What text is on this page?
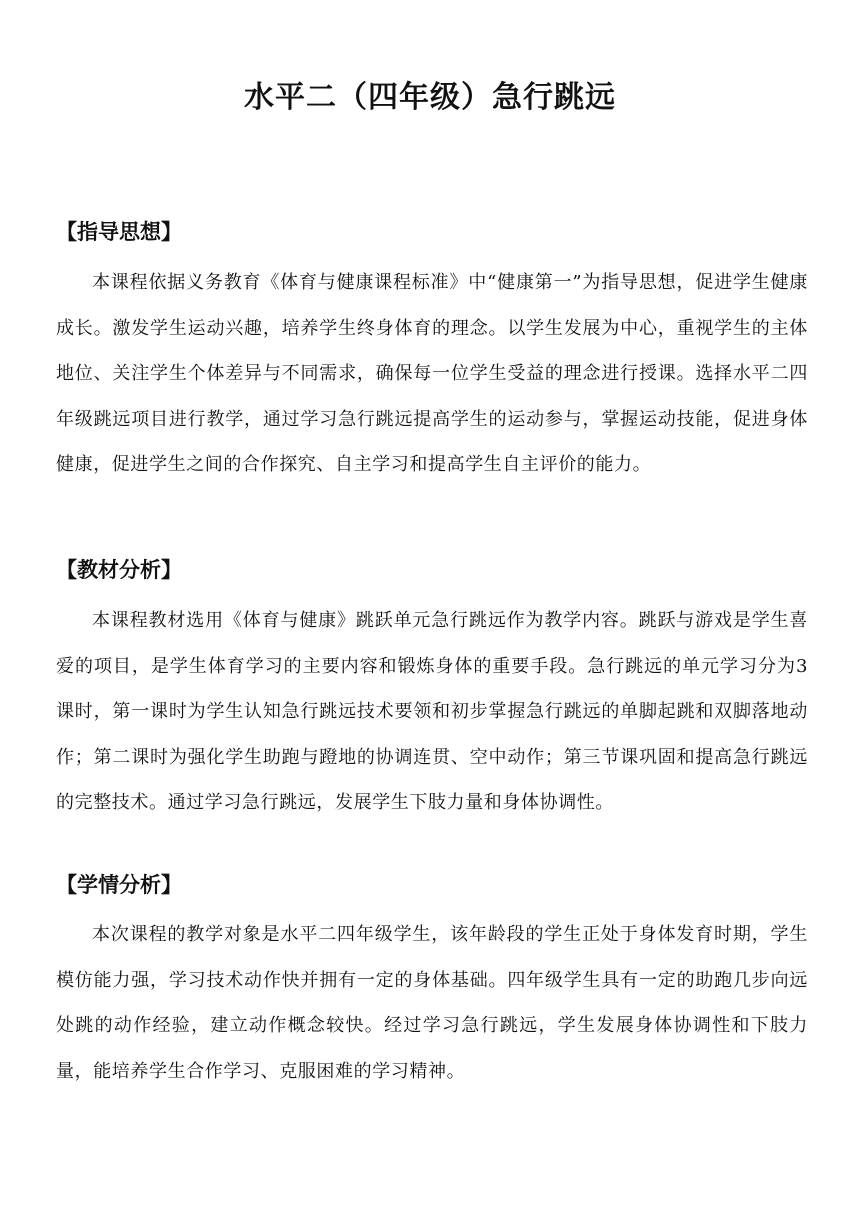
水平二（四年级）急行跳远
【指导思想】

本课程依据义务教育《体育与健康课程标准》中“健康第一”为指导思想，促进学生健康成长。激发学生运动兴趣，培养学生终身体育的理念。以学生发展为中心，重视学生的主体地位、关注学生个体差异与不同需求，确保每一位学生受益的理念进行授课。选择水平二四年级跳远项目进行教学，通过学习急行跳远提高学生的运动参与，掌握运动技能，促进身体健康，促进学生之间的合作探究、自主学习和提高学生自主评价的能力。

【教材分析】

本课程教材选用《体育与健康》跳跃单元急行跳远作为教学内容。跳跃与游戏是学生喜爱的项目，是学生体育学习的主要内容和锻炼身体的重要手段。急行跳远的单元学习分为3课时，第一课时为学生认知急行跳远技术要领和初步掌握急行跳远的单脚起跳和双脚落地动作；第二课时为强化学生助跑与蹬地的协调连贯、空中动作；第三节课巩固和提高急行跳远的完整技术。通过学习急行跳远，发展学生下肢力量和身体协调性。

【学情分析】

本次课程的教学对象是水平二四年级学生，该年龄段的学生正处于身体发育时期，学生模仿能力强，学习技术动作快并拥有一定的身体基础。四年级学生具有一定的助跑几步向远处跳的动作经验，建立动作概念较快。经过学习急行跳远，学生发展身体协调性和下肢力量，能培养学生合作学习、克服困难的学习精神。
